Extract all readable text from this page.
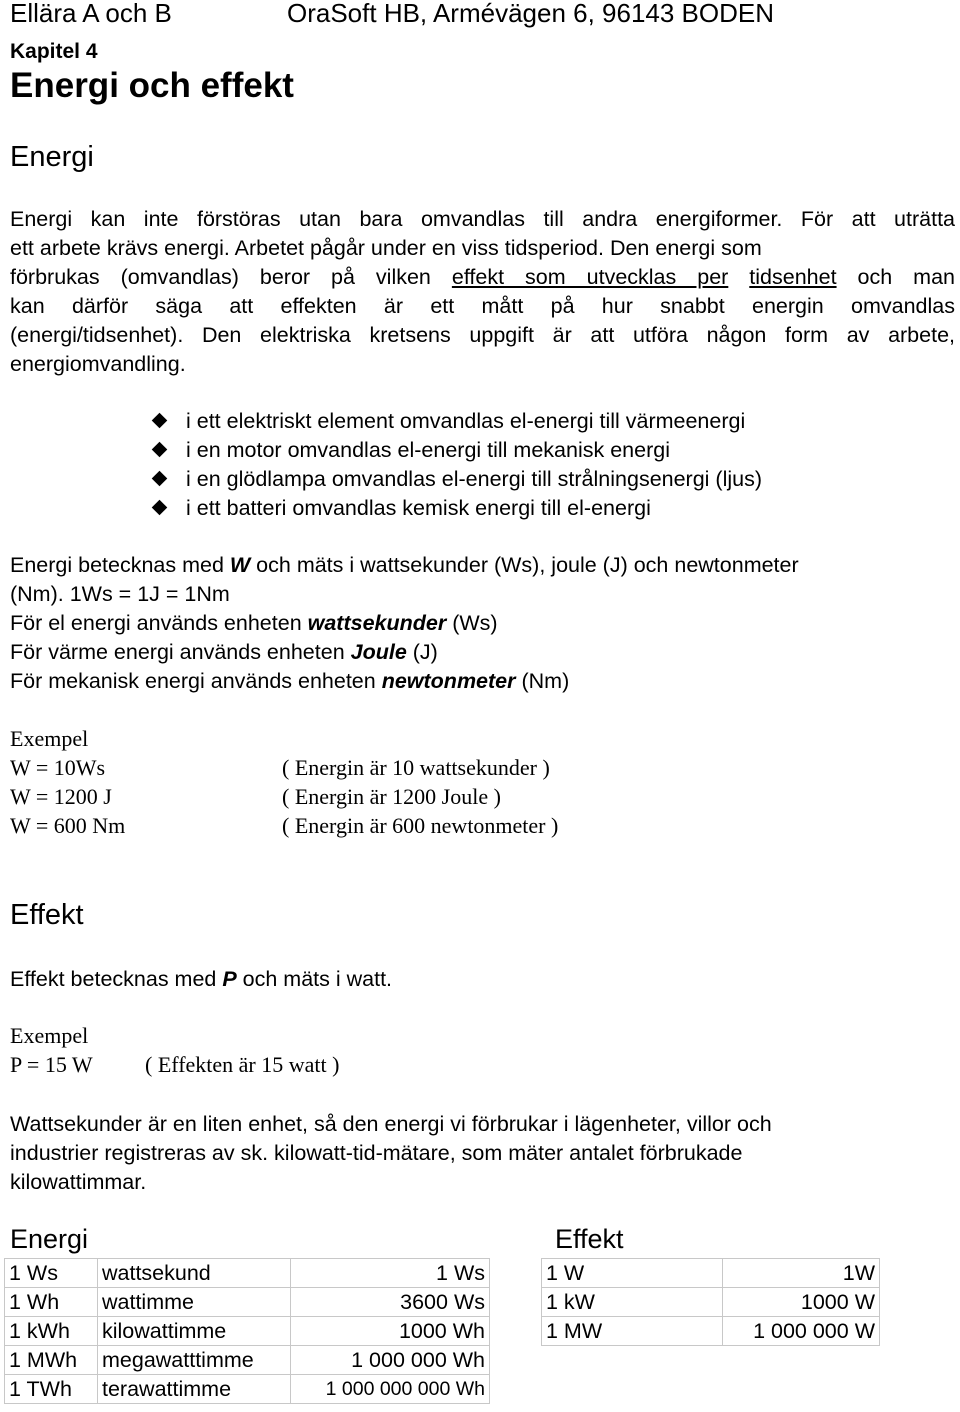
Ellära A och B	OraSoft HB, Armévägen 6, 96143 BODEN
Kapitel 4
Energi och effekt
Energi
Energi kan inte förstöras utan bara omvandlas till andra energiformer. För att uträtta
ett arbete krävs energi. Arbetet pågår under en viss tidsperiod. Den energi som
förbrukas (omvandlas) beror på vilken effekt som utvecklas per tidsenhet och man
kan därför säga att effekten är ett mått på hur snabbt energin omvandlas
(energi/tidsenhet). Den elektriska kretsens uppgift är att utföra någon form av arbete,
energiomvandling.
i ett elektriskt element omvandlas el-energi till värmeenergi
i en motor omvandlas el-energi till mekanisk energi
i en glödlampa omvandlas el-energi till strålningsenergi (ljus)
i ett batteri omvandlas kemisk energi till el-energi
Energi betecknas med W och mäts i wattsekunder (Ws), joule (J) och newtonmeter
(Nm). 1Ws = 1J = 1Nm
För el energi används enheten wattsekunder (Ws)
För värme energi används enheten Joule (J)
För mekanisk energi används enheten newtonmeter (Nm)
Exempel
W = 10Ws	( Energin är 10 wattsekunder )
W = 1200 J	( Energin är 1200 Joule )
W = 600 Nm	( Energin är 600 newtonmeter )
Effekt
Effekt betecknas med P och mäts i watt.
Exempel
P = 15 W ( Effekten är 15 watt )
Wattsekunder är en liten enhet, så den energi vi förbrukar i lägenheter, villor och
industrier registreras av sk. kilowatt-tid-mätare, som mäter antalet förbrukade
kilowattimmar.
Energi	Effekt
1 Ws	wattsekund	1 Ws
1 Wh	wattimme	3600 Ws
1 kWh	kilowattimme	1000 Wh
1 MWh	megawatttimme	1 000 000 Wh
1 TWh	terawattimme	1 000 000 000 Wh
1 W	1W
1 kW	1000 W
1 MW	1 000 000 W
